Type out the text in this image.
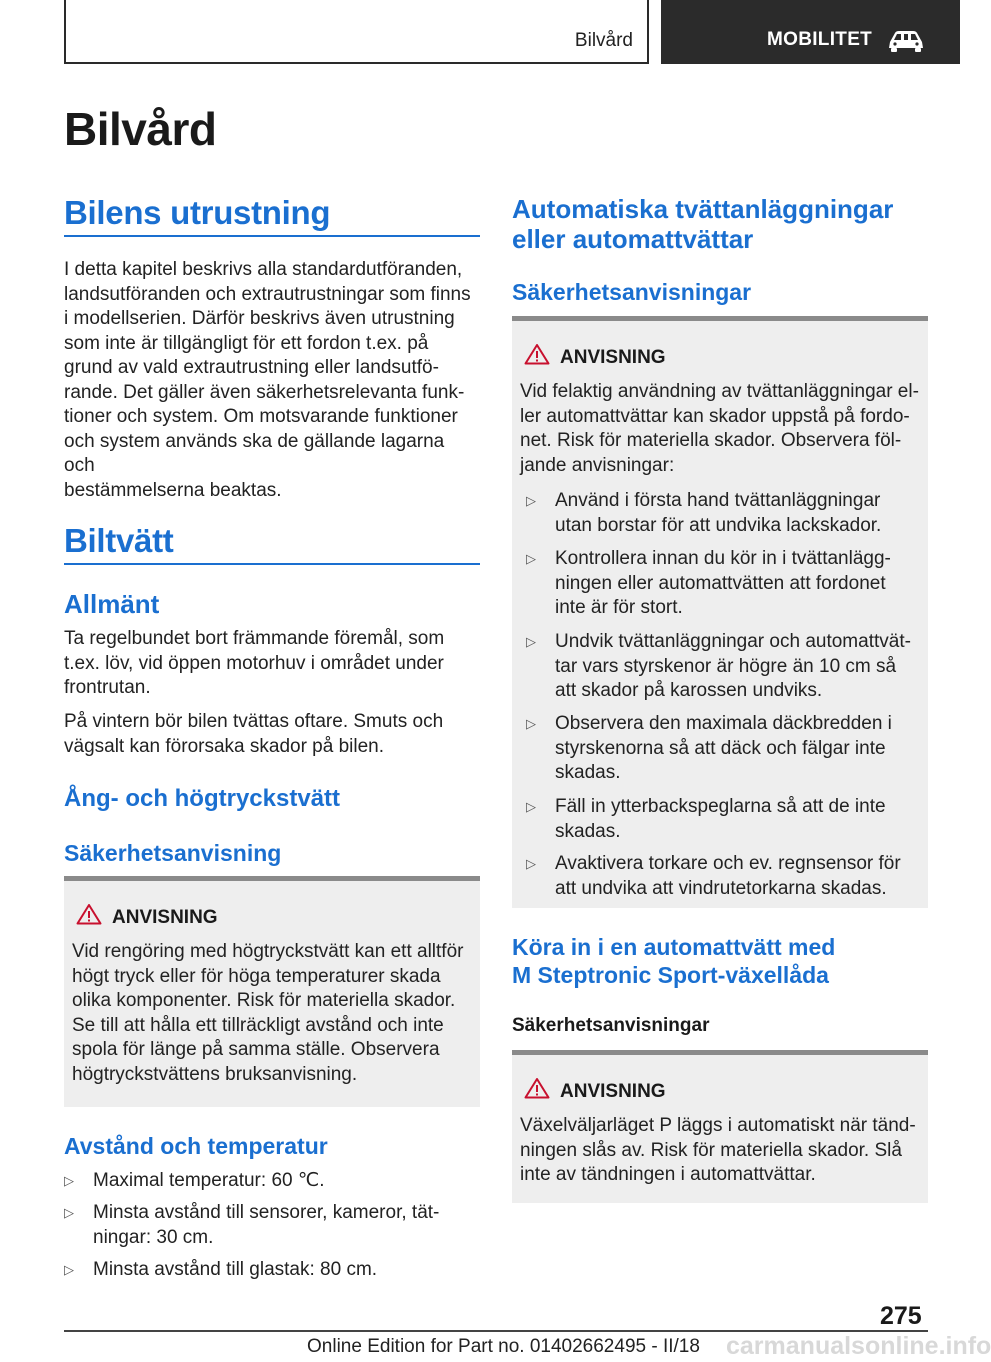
Bilvård	MOBILITET
Bilvård
Bilens utrustning
I detta kapitel beskrivs alla standardutföranden,
landsutföranden och extrautrustningar som finns
i modellserien. Därför beskrivs även utrustning
som inte är tillgängligt för ett fordon t.ex. på
grund av vald extrautrustning eller landsutfö-
rande. Det gäller även säkerhetsrelevanta funk-
tioner och system. Om motsvarande funktioner
och system används ska de gällande lagarna och
bestämmelserna beaktas.
Biltvätt
Allmänt
Ta regelbundet bort främmande föremål, som
t.ex. löv, vid öppen motorhuv i området under
frontrutan.
På vintern bör bilen tvättas oftare. Smuts och
vägsalt kan förorsaka skador på bilen.
Ång- och högtryckstvätt
Säkerhetsanvisning
ANVISNING
Vid rengöring med högtryckstvätt kan ett alltför
högt tryck eller för höga temperaturer skada
olika komponenter. Risk för materiella skador.
Se till att hålla ett tillräckligt avstånd och inte
spola för länge på samma ställe. Observera
högtryckstvättens bruksanvisning.
Avstånd och temperatur
▷ Maximal temperatur: 60 ℃.
▷ Minsta avstånd till sensorer, kameror, tät-
ningar: 30 cm.
▷ Minsta avstånd till glastak: 80 cm.
Automatiska tvättanläggningar
eller automattvättar
Säkerhetsanvisningar
ANVISNING
Vid felaktig användning av tvättanläggningar el-
ler automattvättar kan skador uppstå på fordo-
net. Risk för materiella skador. Observera föl-
jande anvisningar:
▷ Använd i första hand tvättanläggningar
utan borstar för att undvika lackskador.
▷ Kontrollera innan du kör in i tvättanlägg-
ningen eller automattvätten att fordonet
inte är för stort.
▷ Undvik tvättanläggningar och automattvät-
tar vars styrskenor är högre än 10 cm så
att skador på karossen undviks.
▷ Observera den maximala däckbredden i
styrskenorna så att däck och fälgar inte
skadas.
▷ Fäll in ytterbackspeglarna så att de inte
skadas.
▷ Avaktivera torkare och ev. regnsensor för
att undvika att vindrutetorkarna skadas.
Köra in i en automattvätt med
M Steptronic Sport-växellåda
Säkerhetsanvisningar
ANVISNING
Växelväljarläget P läggs i automatiskt när tänd-
ningen slås av. Risk för materiella skador. Slå
inte av tändningen i automattvättar.
275
carmanualsonline.info
Online Edition for Part no. 01402662495 - II/18
